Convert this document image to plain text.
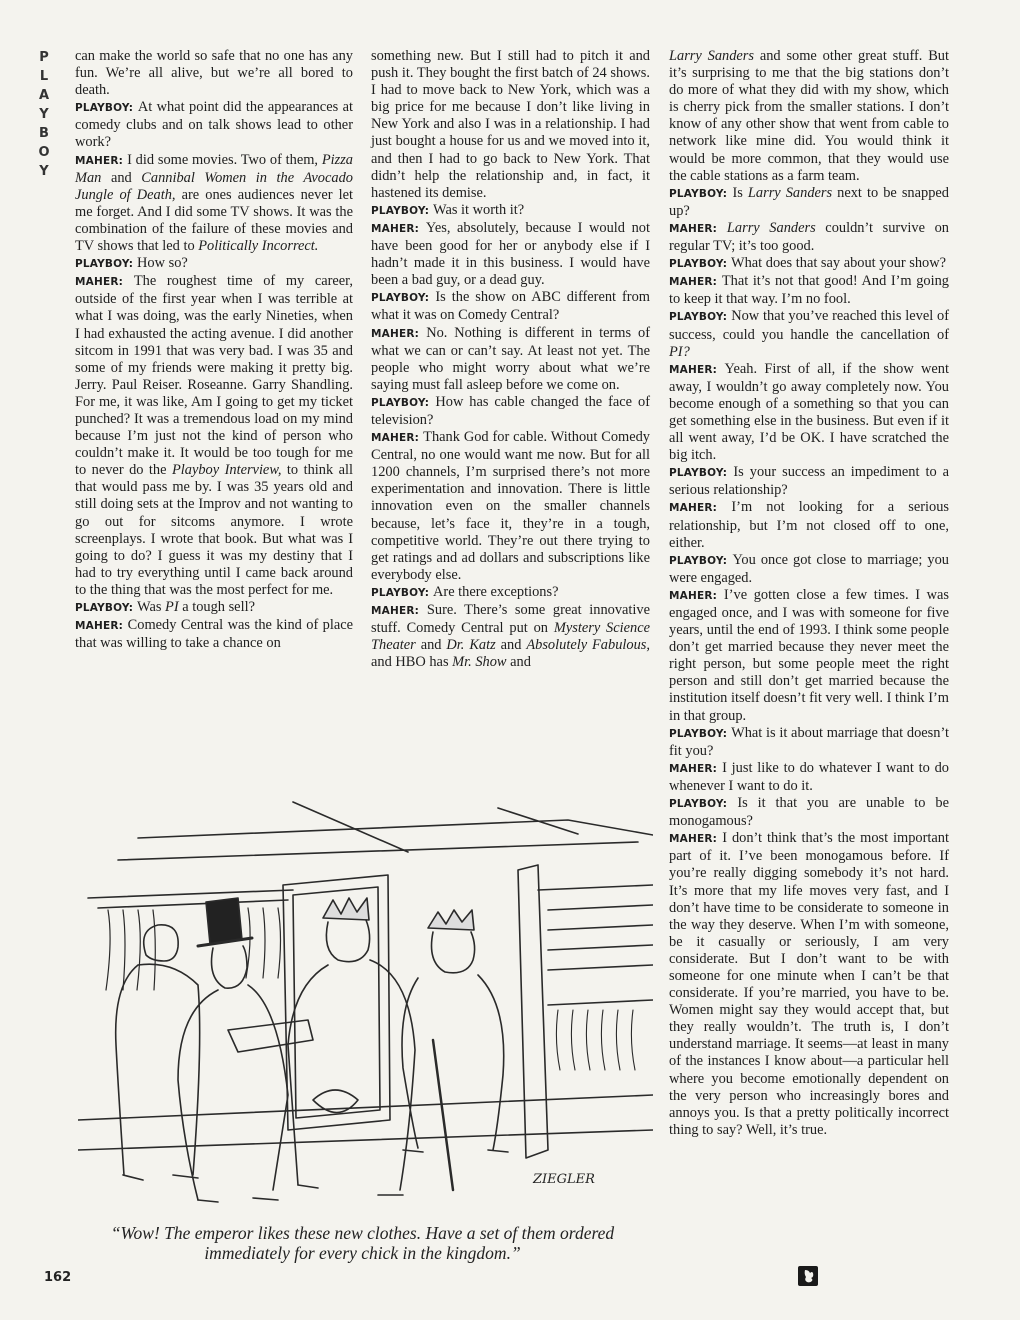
P
L
A
Y
B
O
Y

can make the world so safe that no one has any fun. We’re all alive, but we’re all bored to death.

PLAYBOY: At what point did the appearances at comedy clubs and on talk shows lead to other work?

MAHER: I did some movies. Two of them, Pizza Man and Cannibal Women in the Avocado Jungle of Death, are ones audiences never let me forget. And I did some TV shows. It was the combination of the failure of these movies and TV shows that led to Politically Incorrect.

PLAYBOY: How so?

MAHER: The roughest time of my career, outside of the first year when I was terrible at what I was doing, was the early Nineties, when I had exhausted the acting avenue. I did another sitcom in 1991 that was very bad. I was 35 and some of my friends were making it pretty big. Jerry. Paul Reiser. Roseanne. Garry Shandling. For me, it was like, Am I going to get my ticket punched? It was a tremendous load on my mind because I’m just not the kind of person who couldn’t make it. It would be too tough for me to never do the Playboy Interview, to think all that would pass me by. I was 35 years old and still doing sets at the Improv and not wanting to go out for sitcoms anymore. I wrote screenplays. I wrote that book. But what was I going to do? I guess it was my destiny that I had to try everything until I came back around to the thing that was the most perfect for me.

PLAYBOY: Was PI a tough sell?

MAHER: Comedy Central was the kind of place that was willing to take a chance on

something new. But I still had to pitch it and push it. They bought the first batch of 24 shows. I had to move back to New York, which was a big price for me because I don’t like living in New York and also I was in a relationship. I had just bought a house for us and we moved into it, and then I had to go back to New York. That didn’t help the relationship and, in fact, it hastened its demise.

PLAYBOY: Was it worth it?

MAHER: Yes, absolutely, because I would not have been good for her or anybody else if I hadn’t made it in this business. I would have been a bad guy, or a dead guy.

PLAYBOY: Is the show on ABC different from what it was on Comedy Central?

MAHER: No. Nothing is different in terms of what we can or can’t say. At least not yet. The people who might worry about what we’re saying must fall asleep before we come on.

PLAYBOY: How has cable changed the face of television?

MAHER: Thank God for cable. Without Comedy Central, no one would want me now. But for all 1200 channels, I’m surprised there’s not more experimentation and innovation. There is little innovation even on the smaller channels because, let’s face it, they’re in a tough, competitive world. They’re out there trying to get ratings and ad dollars and subscriptions like everybody else.

PLAYBOY: Are there exceptions?

MAHER: Sure. There’s some great innovative stuff. Comedy Central put on Mystery Science Theater and Dr. Katz and Absolutely Fabulous, and HBO has Mr. Show and

Larry Sanders and some other great stuff. But it’s surprising to me that the big stations don’t do more of what they did with my show, which is cherry pick from the smaller stations. I don’t know of any other show that went from cable to network like mine did. You would think it would be more common, that they would use the cable stations as a farm team.

PLAYBOY: Is Larry Sanders next to be snapped up?

MAHER: Larry Sanders couldn’t survive on regular TV; it’s too good.

PLAYBOY: What does that say about your show?

MAHER: That it’s not that good! And I’m going to keep it that way. I’m no fool.

PLAYBOY: Now that you’ve reached this level of success, could you handle the cancellation of PI?

MAHER: Yeah. First of all, if the show went away, I wouldn’t go away completely now. You become enough of a something so that you can get something else in the business. But even if it all went away, I’d be OK. I have scratched the big itch.

PLAYBOY: Is your success an impediment to a serious relationship?

MAHER: I’m not looking for a serious relationship, but I’m not closed off to one, either.

PLAYBOY: You once got close to marriage; you were engaged.

MAHER: I’ve gotten close a few times. I was engaged once, and I was with someone for five years, until the end of 1993. I think some people don’t get married because they never meet the right person, but some people meet the right person and still don’t get married because the institution itself doesn’t fit very well. I think I’m in that group.

PLAYBOY: What is it about marriage that doesn’t fit you?

MAHER: I just like to do whatever I want to do whenever I want to do it.

PLAYBOY: Is it that you are unable to be monogamous?

MAHER: I don’t think that’s the most important part of it. I’ve been monogamous before. If you’re really digging somebody it’s not hard. It’s more that my life moves very fast, and I don’t have time to be considerate to someone in the way they deserve. When I’m with someone, be it casually or seriously, I am very considerate. But I don’t want to be with someone for one minute when I can’t be that considerate. If you’re married, you have to be. Women might say they would accept that, but they really wouldn’t. The truth is, I don’t understand marriage. It seems—at least in many of the instances I know about—a particular hell where you become emotionally dependent on the very person who increasingly bores and annoys you. Is that a pretty politically incorrect thing to say? Well, it’s true.

ZIEGLER
“Wow! The emperor likes these new clothes. Have a set of them ordered immediately for every chick in the kingdom.”
162
